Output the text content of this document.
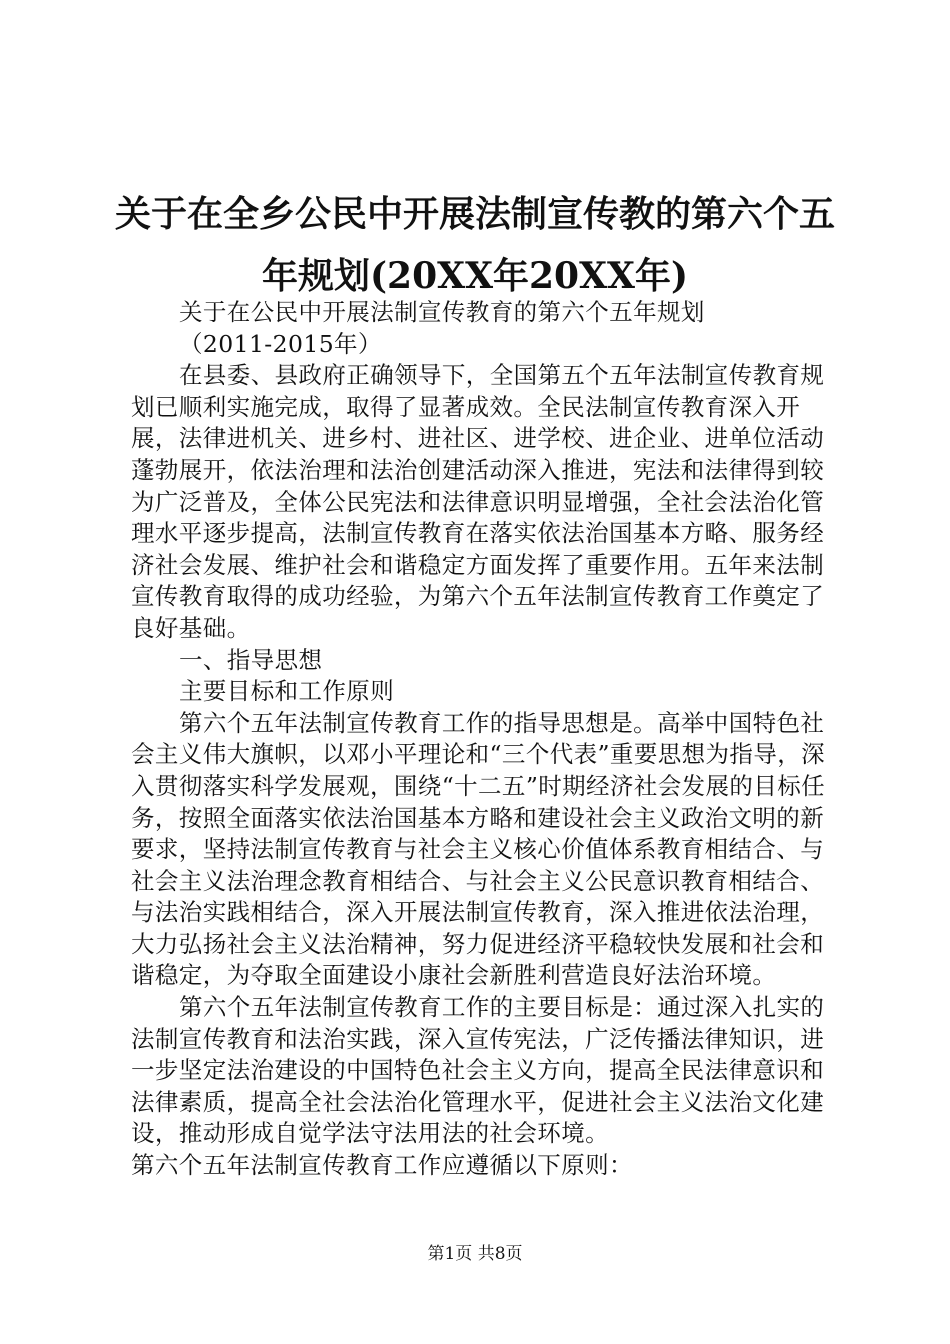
关于在全乡公民中开展法制宣传教的第六个五
年规划(20XX年20XX年)

关于在公民中开展法制宣传教育的第六个五年规划

（2011-2015年）

在县委、县政府正确领导下，全国第五个五年法制宣传教育规划已顺利实施完成，取得了显著成效。全民法制宣传教育深入开展，法律进机关、进乡村、进社区、进学校、进企业、进单位活动蓬勃展开，依法治理和法治创建活动深入推进，宪法和法律得到较为广泛普及，全体公民宪法和法律意识明显增强，全社会法治化管理水平逐步提高，法制宣传教育在落实依法治国基本方略、服务经济社会发展、维护社会和谐稳定方面发挥了重要作用。五年来法制宣传教育取得的成功经验，为第六个五年法制宣传教育工作奠定了良好基础。

一、指导思想

主要目标和工作原则

第六个五年法制宣传教育工作的指导思想是。高举中国特色社会主义伟大旗帜，以邓小平理论和“三个代表”重要思想为指导，深入贯彻落实科学发展观，围绕“十二五”时期经济社会发展的目标任务，按照全面落实依法治国基本方略和建设社会主义政治文明的新要求，坚持法制宣传教育与社会主义核心价值体系教育相结合、与社会主义法治理念教育相结合、与社会主义公民意识教育相结合、与法治实践相结合，深入开展法制宣传教育，深入推进依法治理，大力弘扬社会主义法治精神，努力促进经济平稳较快发展和社会和谐稳定，为夺取全面建设小康社会新胜利营造良好法治环境。

第六个五年法制宣传教育工作的主要目标是：通过深入扎实的法制宣传教育和法治实践，深入宣传宪法，广泛传播法律知识，进一步坚定法治建设的中国特色社会主义方向，提高全民法律意识和法律素质，提高全社会法治化管理水平，促进社会主义法治文化建设，推动形成自觉学法守法用法的社会环境。

第六个五年法制宣传教育工作应遵循以下原则：

第1页 共8页
